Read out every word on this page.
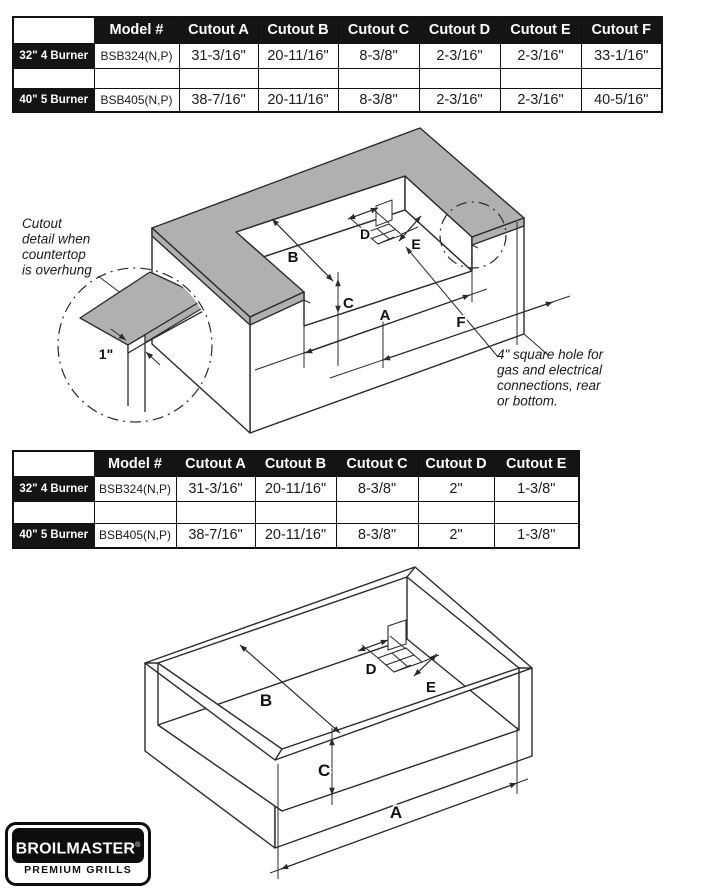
	Model #	Cutout A	Cutout B	Cutout C	Cutout D	Cutout E	Cutout F
32" 4 Burner	BSB324(N,P)	31-3/16"	20-11/16"	8-3/8"	2-3/16"	2-3/16"	33-1/16"

40" 5 Burner	BSB405(N,P)	38-7/16"	20-11/16"	8-3/8"	2-3/16"	2-3/16"	40-5/16"
B
C
A	F
D
E
1"
Cutout
detail when
countertop
is overhung
4" square hole for
gas and electrical
connections, rear
or bottom.
	Model #	Cutout A	Cutout B	Cutout C	Cutout D	Cutout E
32" 4 Burner	BSB324(N,P)	31-3/16"	20-11/16"	8-3/8"	2"	1-3/8"

40" 5 Burner	BSB405(N,P)	38-7/16"	20-11/16"	8-3/8"	2"	1-3/8"
B
C
A
D
E
BROILMASTER®
PREMIUM GRILLS
